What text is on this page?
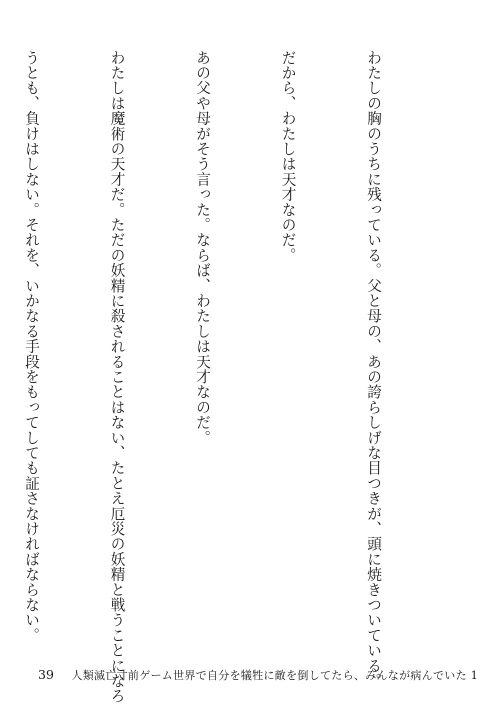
わたしの胸のうちに残っている。父と母の、あの誇らしげな目つきが、頭に焼きついている。

だから、わたしは天才なのだ。

あの父や母がそう言った。ならば、わたしは天才なのだ。

わたしは魔術の天才だ。ただの妖精に殺されることはない、たとえ厄災の妖精と戦うことになろ

うとも、負けはしない。それを、いかなる手段をもってしても証さなければならない。

39 人類滅亡寸前ゲーム世界で自分を犠牲に敵を倒してたら、みんなが病んでいた 1
